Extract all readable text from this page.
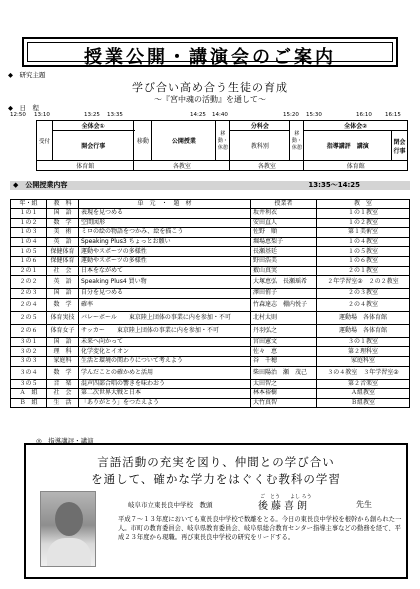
授業公開・講演会のご案内
◆　研究主題
学び合い高め合う生徒の育成
〜『宮中魂の活動』を通して〜
◆　日　程
12:50 13:10	13:25 13:35	14:25 14:40	15:20 15:30	16:10 16:15
受付	全体会①	移動	公開授業	移動・休憩	分科会	移動・休憩	全体会②	
	開会行事				教科別		指導講評　講演	閉会行事
体育館		各教室			各教室		体育館	
◆　公開授業内容	13:35〜14:25
年・組	教　科	単　元　・　題　材	授業者	教　室
１の１	国　語	表現を見つめる	坂井利衣	１の１教室
１の２	数　学	空間図形	安田直人	１の２教室
１の３	美　術	ミロの絵の物語をつかみ、絵を描こう	佐野　順	第１美術室
１の４	英　語	Speaking Plus3 ちょっとお願い	堀場恵梨子	１の４教室
１の５	保健体育	運動やスポーツの多様性	長瀬基廷	１の５教室
１の６	保健体育	運動やスポーツの多様性	野田浩美	１の６教室
２の１	社　会	日本をながめて	薮山真実	２の１教室
２の２	英　語	Speaking Plus4 買い物	大塚恵弘　長瀬瑶希	２年学習室②　２の２教室
２の３	国　語	自分を見つめる	澤田侑子	２の３教室
２の４	数　学	確率	竹森達志　棚内悦子	２の４教室
２の５	体育実技	バレーボール　　東京陸上団体の事業に内を参加・不可	北村太則	運動場　各体育館
２の６	体育女子	サッカー　　東京陸上団体の事業に内を参加・不可	丹羽弘之	運動場　各体育館
３の１	国　語	未来へ向かって	宮田憲文	３の１教室
３の２	理　科	化学変化とイオン	佐々　恵	第２理科室
３の３	家庭科	生活と環境の関わりについて考えよう	谷　千穂	家庭科室
３の４	数　学	学んだことの確かめと活用	柴田陽治　瀬　茂己	３の４教室　３年学習室②
３の５	音　楽	混声四部合唱の響きを味わおう	太田智之	第２音楽室
Ａ　組	社　会	第二次世界大戦と日本	林本裕樹	Ａ組教室
Ｂ　組	生　活	「ありがとう」をつたえよう	大竹真智	Ｂ組教室
◎　指導講評・講演
言語活動の充実を図り、仲間との学び合い
を通して、確かな学力をはぐくむ教科の学習
ご　とう　　よし ろう
岐阜市立東長良中学校　教頭	後藤喜朗	先生
平成７〜１３年度においても東長良中学校で数離をとる。今日の東長良中学校を根幹から創られた一人。市町の教育委員会、岐阜県教育委員会、岐阜県総合教育センター指導主事などの勤務を経て、平成２３年度から現職。再び東長良中学校の研究をリードする。
